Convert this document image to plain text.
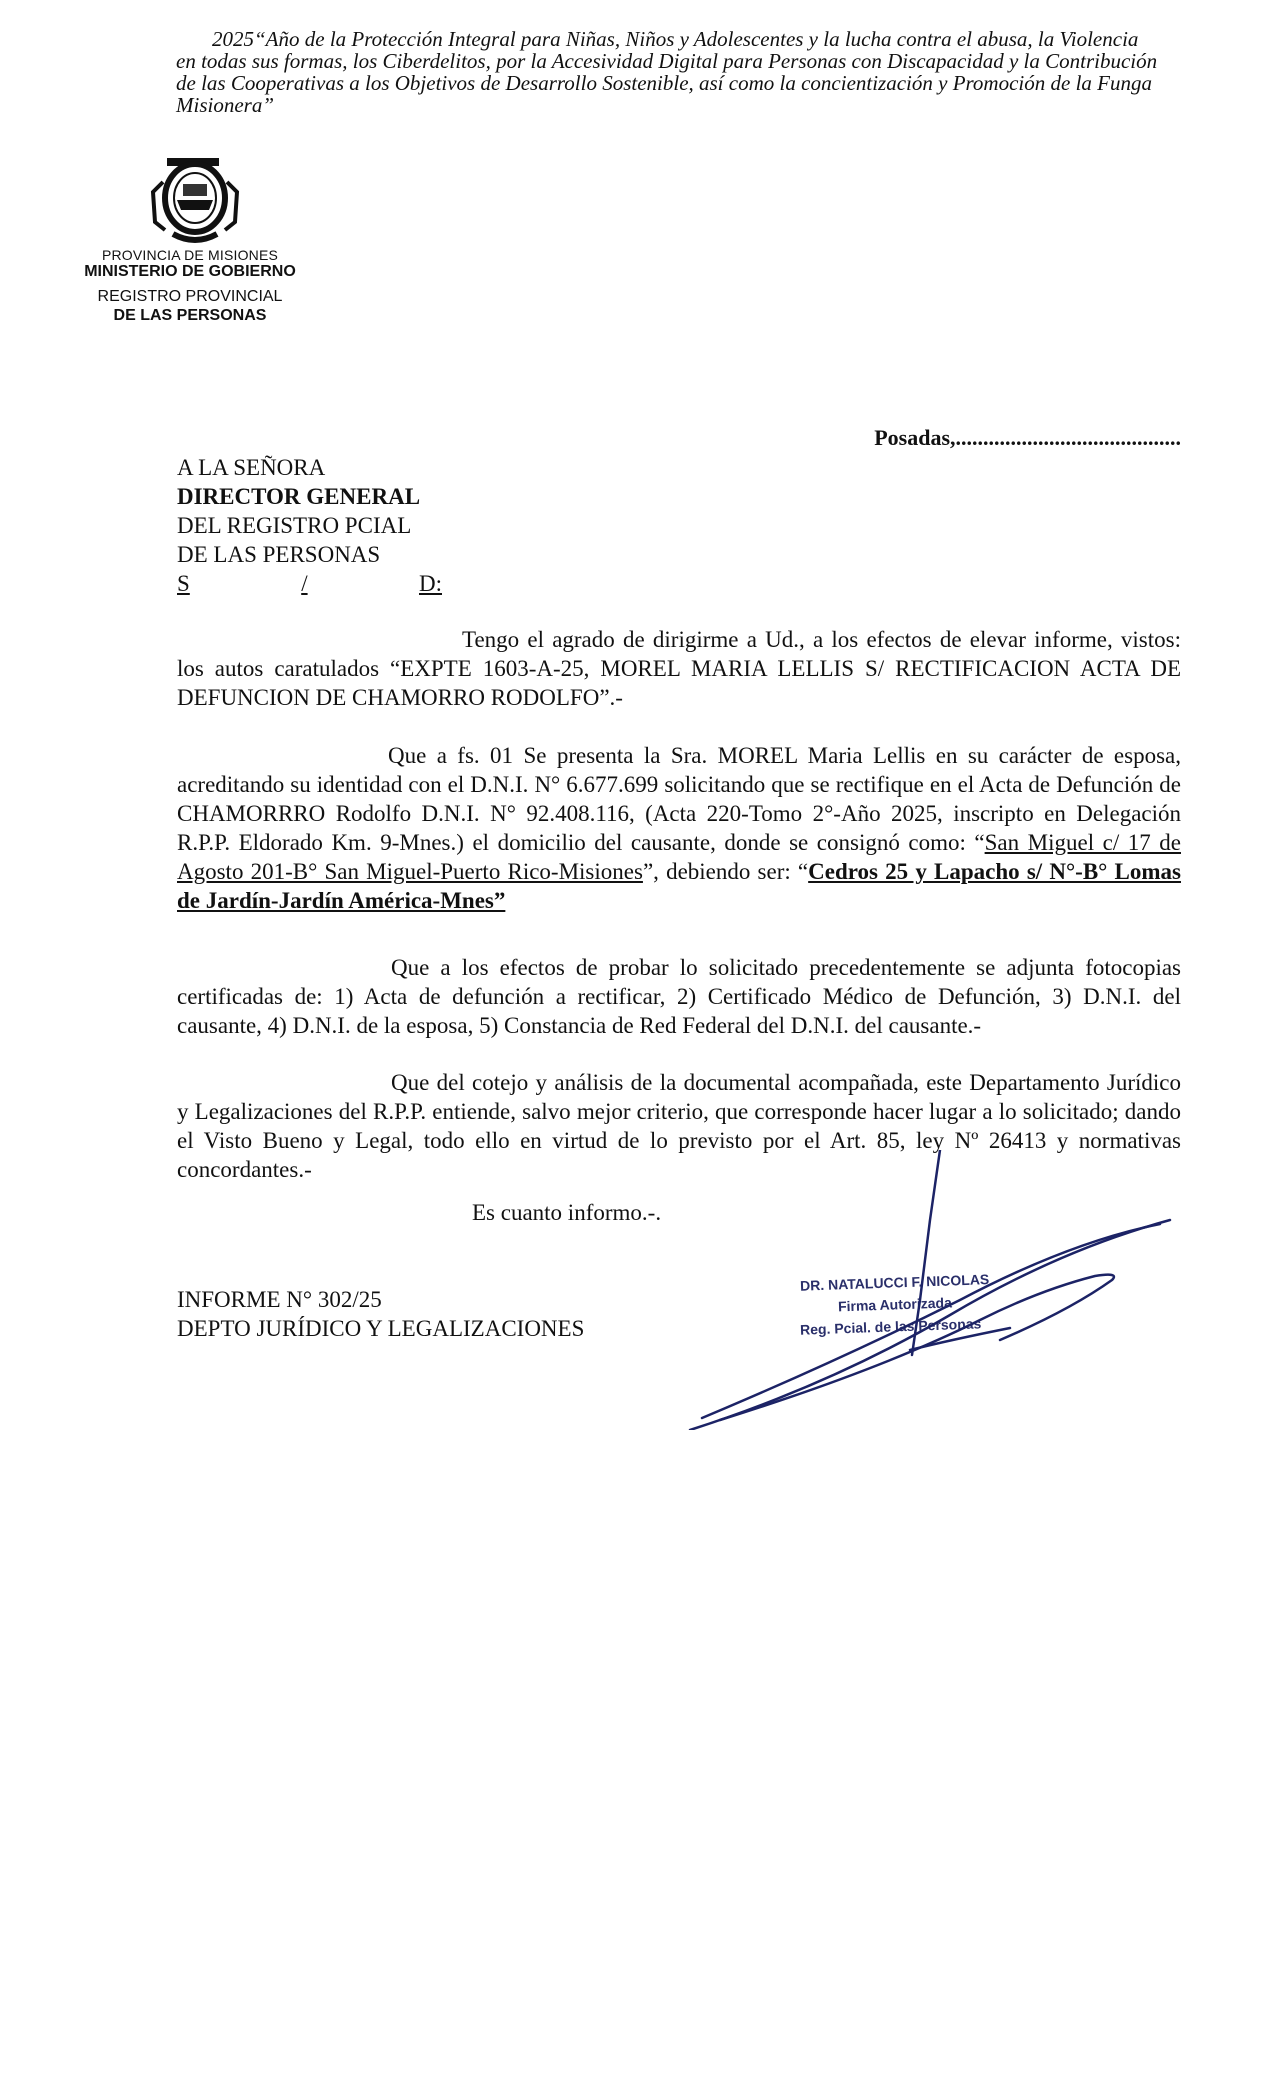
2025“Año de la Protección Integral para Niñas, Niños y Adolescentes y la lucha contra el abusa, la Violencia
en todas sus formas, los Ciberdelitos, por la Accesividad Digital para Personas con Discapacidad y la Contribución
de las Cooperativas a los Objetivos de Desarrollo Sostenible, así como la concientización y Promoción de la Funga
Misionera”
PROVINCIA DE MISIONES
MINISTERIO DE GOBIERNO
REGISTRO PROVINCIAL
DE LAS PERSONAS
Posadas,.........................................
A LA SEÑORA
DIRECTOR GENERAL
DEL REGISTRO PCIAL
DE LAS PERSONAS
S	/	D:

Tengo el agrado de dirigirme a Ud., a los efectos de elevar informe, vistos: los autos caratulados “EXPTE 1603-A-25, MOREL MARIA LELLIS S/ RECTIFICACION ACTA DE DEFUNCION DE CHAMORRO RODOLFO”.-

Que a fs. 01 Se presenta la Sra. MOREL Maria Lellis en su carácter de esposa, acreditando su identidad con el D.N.I. N° 6.677.699 solicitando que se rectifique en el Acta de Defunción de CHAMORRRO Rodolfo D.N.I. N° 92.408.116, (Acta 220-Tomo 2°-Año 2025, inscripto en Delegación R.P.P. Eldorado Km. 9-Mnes.) el domicilio del causante, donde se consignó como: “San Miguel c/ 17 de Agosto 201-B° San Miguel-Puerto Rico-Misiones”, debiendo ser: “Cedros 25 y Lapacho s/ N°-B° Lomas de Jardín-Jardín América-Mnes”

Que a los efectos de probar lo solicitado precedentemente se adjunta fotocopias certificadas de: 1) Acta de defunción a rectificar, 2) Certificado Médico de Defunción, 3) D.N.I. del causante, 4) D.N.I. de la esposa, 5) Constancia de Red Federal del D.N.I. del causante.-

Que del cotejo y análisis de la documental acompañada, este Departamento Jurídico y Legalizaciones del R.P.P. entiende, salvo mejor criterio, que corresponde hacer lugar a lo solicitado; dando el Visto Bueno y Legal, todo ello en virtud de lo previsto por el Art. 85, ley Nº 26413 y normativas concordantes.-

Es cuanto informo.-.
INFORME N° 302/25
DEPTO JURÍDICO Y LEGALIZACIONES
DR. NATALUCCI F. NICOLAS
Firma Autorizada
Reg. Pcial. de las Personas
